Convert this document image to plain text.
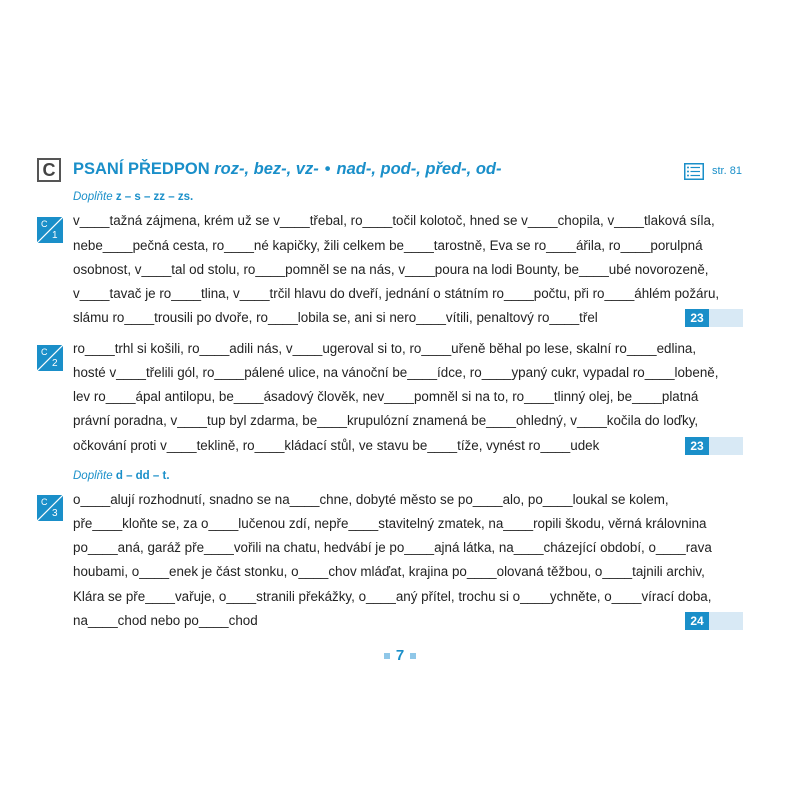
C	PSANÍ PŘEDPON roz-, bez-, vz- • nad-, pod-, před-, od-	str. 81
Doplňte z – s – zz – zs.
C
1
v____tažná zájmena, krém už se v____třebal, ro____točil kolotoč, hned se v____chopila, v____tlaková síla,
nebe____pečná cesta, ro____né kapičky, žili celkem be____tarostně, Eva se ro____ářila, ro____porulpná
osobnost, v____tal od stolu, ro____pomněl se na nás, v____poura na lodi Bounty, be____ubé novorozeně,
v____tavač je ro____tlina, v____trčil hlavu do dveří, jednání o státním ro____počtu, při ro____áhlém požáru,
slámu ro____trousili po dvoře, ro____lobila se, ani si nero____vítili, penaltový ro____třel	23
C
2
ro____trhl si košili, ro____adili nás, v____ugeroval si to, ro____uřeně běhal po lese, skalní ro____edlina,
hosté v____třelili gól, ro____pálené ulice, na vánoční be____ídce, ro____ypaný cukr, vypadal ro____lobeně,
lev ro____ápal antilopu, be____ásadový člověk, nev____pomněl si na to, ro____tlinný olej, be____platná
právní poradna, v____tup byl zdarma, be____krupulózní znamená be____ohledný, v____kočila do loďky,
očkování proti v____teklině, ro____kládací stůl, ve stavu be____tíže, vynést ro____udek	23
Doplňte d – dd – t.
C
3
o____alují rozhodnutí, snadno se na____chne, dobyté město se po____alo, po____loukal se kolem,
pře____kloňte se, za o____lučenou zdí, nepře____stavitelný zmatek, na____ropili škodu, věrná královnina
po____aná, garáž pře____vořili na chatu, hedvábí je po____ajná látka, na____cházející období, o____rava
houbami, o____enek je část stonku, o____chov mláďat, krajina po____olovaná těžbou, o____tajnili archiv,
Klára se pře____vařuje, o____stranili překážky, o____aný přítel, trochu si o____ychněte, o____vírací doba,
na____chod nebo po____chod	24
7
